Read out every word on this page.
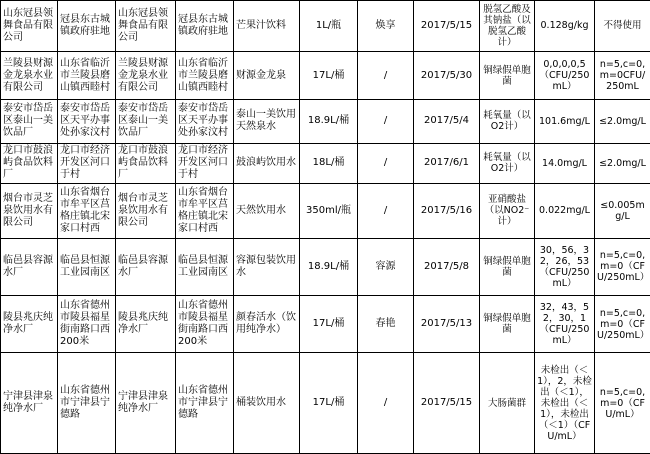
山东冠县领舞食品有限公司	冠县东古城镇政府驻地	山东冠县领舞食品有限公司	冠县东古城镇政府驻地	芒果汁饮料	1L/瓶	焕享	2017/5/15	脱氢乙酸及其钠盐（以脱氢乙酸计）	0.128g/kg	不得使用
兰陵县财源金龙泉水业有限公司	山东省临沂市兰陵县磨山镇西睦村	兰陵县财源金龙泉水业有限公司	山东省临沂市兰陵县磨山镇西睦村	财源金龙泉	17L/桶	/	2017/5/30	铜绿假单胞菌	0,0,0,0,5（CFU/250mL）	n=5,c=0,m=0CFU/250mL
泰安市岱岳区泰山一美饮品厂	泰安市岱岳区天平办事处孙家汶村	泰安市岱岳区泰山一美饮品厂	泰安市岱岳区天平办事处孙家汶村	泰山一美饮用天然泉水	18.9L/桶	/	2017/5/4	耗氧量（以O2计）	101.6mg/L	≤2.0mg/L
龙口市鼓浪屿食品饮料厂	龙口市经济开发区河口于村	龙口市鼓浪屿食品饮料厂	龙口市经济开发区河口于村	鼓浪屿饮用水	18L/桶	/	2017/6/1	耗氧量（以O2计）	14.0mg/L	≤2.0mg/L
烟台市灵芝泉饮用水有限公司	山东省烟台市牟平区莒格庄镇北宋家口村西	烟台市灵芝泉饮用水有限公司	山东省烟台市牟平区莒格庄镇北宋家口村西	天然饮用水	350ml/瓶	/	2017/5/16	亚硝酸盐（以NO2⁻计）	0.022mg/L	≤0.005mg/L
临邑县容源水厂	临邑县恒源工业园南区	临邑县容源水厂	临邑县恒源工业园南区	容源包装饮用水	18.9L/桶	容源	2017/5/8	铜绿假单胞菌	30，56，32，26，53（CFU/250mL）	n=5,c=0,m=0（CFU/250mL）
陵县兆庆纯净水厂	山东省德州市陵县福星街南路口西200米	陵县兆庆纯净水厂	山东省德州市陵县福星街南路口西200米	颜春活水（饮用纯净水）	17L/桶	春艳	2017/5/13	铜绿假单胞菌	32，43，52，30，1（CFU/250mL）	n=5,c=0,m=0（CFU/250mL）
宁津县津泉纯净水厂	山东省德州市宁津县宁德路	宁津县津泉纯净水厂	山东省德州市宁津县宁德路	桶装饮用水	17L/桶	/	2017/5/15	大肠菌群	未检出（＜1），2，未检出（＜1），未检出（＜1），未检出（＜1）（CFU/mL）	n=5,c=0,m=0（CFU/mL）
